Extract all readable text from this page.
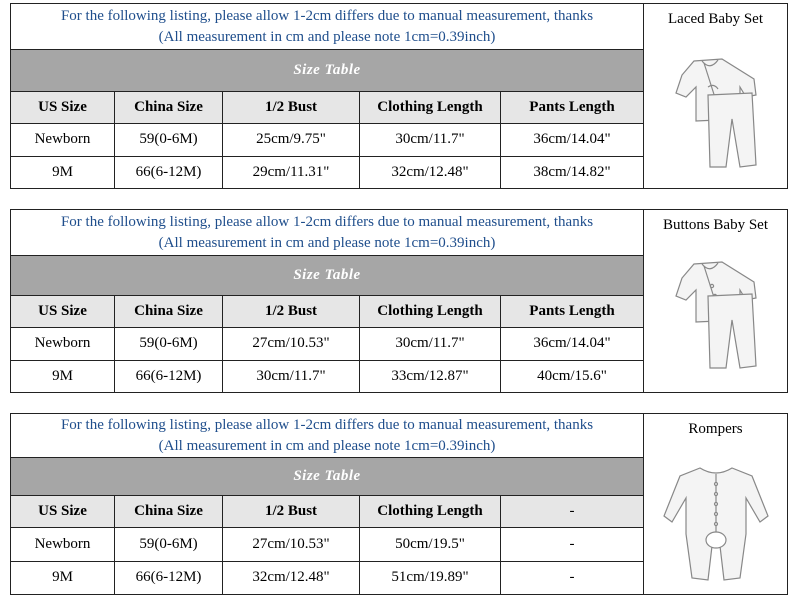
For the following listing, please allow 1-2cm differs due to manual measurement, thanks
(All measurement in cm and please note 1cm=0.39inch)				
Size Table				
US Size	China Size	1/2 Bust	Clothing Length	Pants Length
Newborn	59(0-6M)	25cm/9.75"	30cm/11.7"	36cm/14.04"
9M	66(6-12M)	29cm/11.31"	32cm/12.48"	38cm/14.82"
Laced Baby Set
For the following listing, please allow 1-2cm differs due to manual measurement, thanks
(All measurement in cm and please note 1cm=0.39inch)				
Size Table				
US Size	China Size	1/2 Bust	Clothing Length	Pants Length
Newborn	59(0-6M)	27cm/10.53"	30cm/11.7"	36cm/14.04"
9M	66(6-12M)	30cm/11.7"	33cm/12.87"	40cm/15.6"
Buttons Baby Set
For the following listing, please allow 1-2cm differs due to manual measurement, thanks
(All measurement in cm and please note 1cm=0.39inch)				
Size Table				
US Size	China Size	1/2 Bust	Clothing Length	-
Newborn	59(0-6M)	27cm/10.53"	50cm/19.5"	-
9M	66(6-12M)	32cm/12.48"	51cm/19.89"	-
Rompers
